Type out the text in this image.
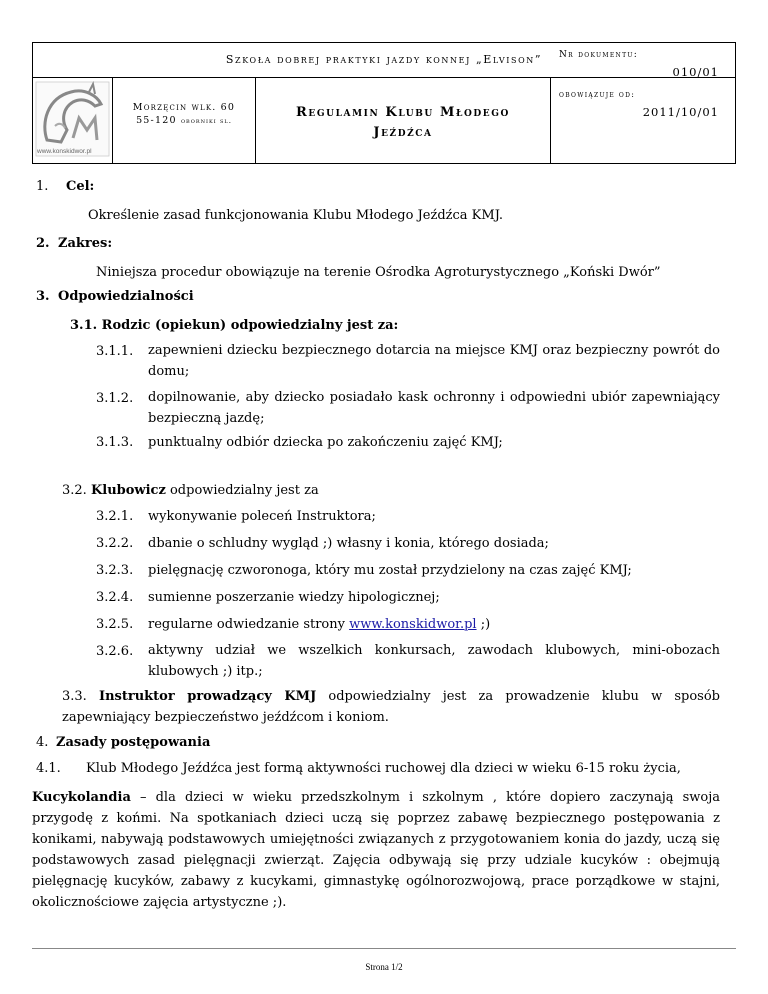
Szkoła dobrej praktyki jazdy konnej „Elvison”
www.konskidwor.pl
Morzęcin wlk. 60
55-120 oborniki sl.
Regulamin Klubu Młodego
Jeźdźca
Nr dokumentu:
010/01
obowiązuje od:
2011/10/01
1. Cel:
Określenie zasad funkcjonowania Klubu Młodego Jeźdźca KMJ.
2. Zakres:
Niniejsza procedur obowiązuje na terenie Ośrodka Agroturystycznego „Koński Dwór”
3. Odpowiedzialności
3.1. Rodzic (opiekun) odpowiedzialny jest za:
3.1.1. zapewnieni dziecku bezpiecznego dotarcia na miejsce KMJ oraz bezpieczny powrót do domu;
3.1.2. dopilnowanie, aby dziecko posiadało kask ochronny i odpowiedni ubiór zapewniający bezpieczną jazdę;
3.1.3. punktualny odbiór dziecka po zakończeniu zajęć KMJ;
3.2. Klubowicz odpowiedzialny jest za
3.2.1. wykonywanie poleceń Instruktora;
3.2.2. dbanie o schludny wygląd ;) własny i konia, którego dosiada;
3.2.3. pielęgnację czworonoga, który mu został przydzielony na czas zajęć KMJ;
3.2.4. sumienne poszerzanie wiedzy hipologicznej;
3.2.5. regularne odwiedzanie strony www.konskidwor.pl ;)
3.2.6. aktywny udział we wszelkich konkursach, zawodach klubowych, mini-obozach klubowych ;) itp.;
3.3. Instruktor prowadzący KMJ odpowiedzialny jest za prowadzenie klubu w sposób zapewniający bezpieczeństwo jeźdźcom i koniom.
4. Zasady postępowania
4.1. Klub Młodego Jeźdźca jest formą aktywności ruchowej dla dzieci w wieku 6-15 roku życia,
Kucykolandia – dla dzieci w wieku przedszkolnym i szkolnym , które dopiero zaczynają swoja przygodę z końmi. Na spotkaniach dzieci uczą się poprzez zabawę bezpiecznego postępowania z konikami, nabywają podstawowych umiejętności związanych z przygotowaniem konia do jazdy, uczą się podstawowych zasad pielęgnacji zwierząt. Zajęcia odbywają się przy udziale kucyków : obejmują pielęgnację kucyków, zabawy z kucykami, gimnastykę ogólnorozwojową, prace porządkowe w stajni, okolicznościowe zajęcia artystyczne ;).
Strona 1/2
